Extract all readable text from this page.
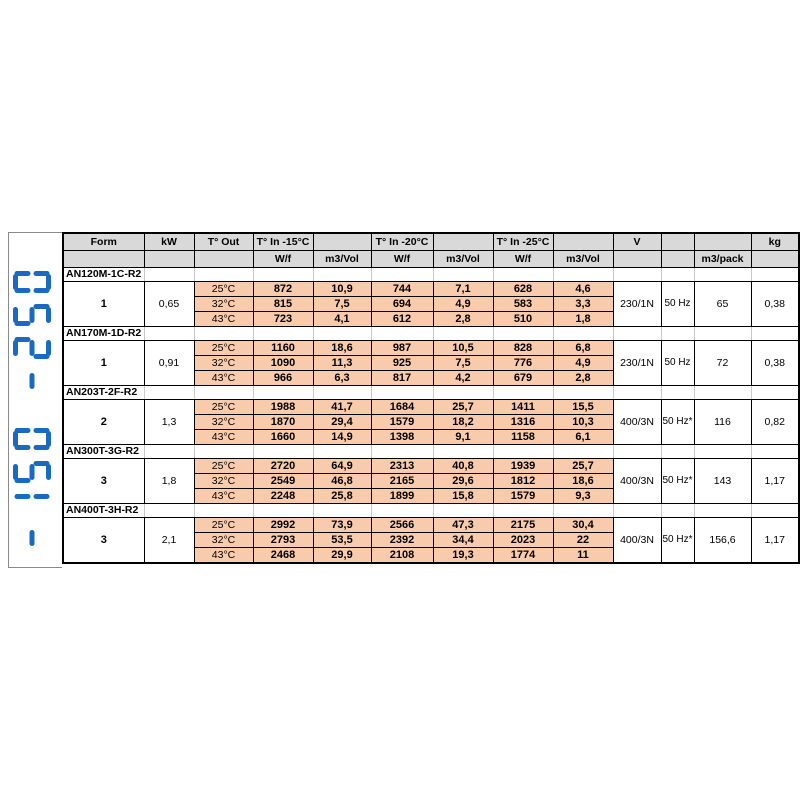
Form	kW	T° Out	T° In -15°C		T° In -20°C		T° In -25°C		V			kg
			W/f	m3/Vol	W/f	m3/Vol	W/f	m3/Vol			m3/pack	
AN120M-1C-R2												
1	0,65	25°C	872	10,9	744	7,1	628	4,6	230/1N	50 Hz	65	0,38
		32°C	815	7,5	694	4,9	583	3,3				
		43°C	723	4,1	612	2,8	510	1,8				
AN170M-1D-R2												
1	0,91	25°C	1160	18,6	987	10,5	828	6,8	230/1N	50 Hz	72	0,38
		32°C	1090	11,3	925	7,5	776	4,9				
		43°C	966	6,3	817	4,2	679	2,8				
AN203T-2F-R2												
2	1,3	25°C	1988	41,7	1684	25,7	1411	15,5	400/3N	50 Hz*	116	0,82
		32°C	1870	29,4	1579	18,2	1316	10,3				
		43°C	1660	14,9	1398	9,1	1158	6,1				
AN300T-3G-R2												
3	1,8	25°C	2720	64,9	2313	40,8	1939	25,7	400/3N	50 Hz*	143	1,17
		32°C	2549	46,8	2165	29,6	1812	18,6				
		43°C	2248	25,8	1899	15,8	1579	9,3				
AN400T-3H-R2												
3	2,1	25°C	2992	73,9	2566	47,3	2175	30,4	400/3N	50 Hz*	156,6	1,17
		32°C	2793	53,5	2392	34,4	2023	22				
		43°C	2468	29,9	2108	19,3	1774	11				
